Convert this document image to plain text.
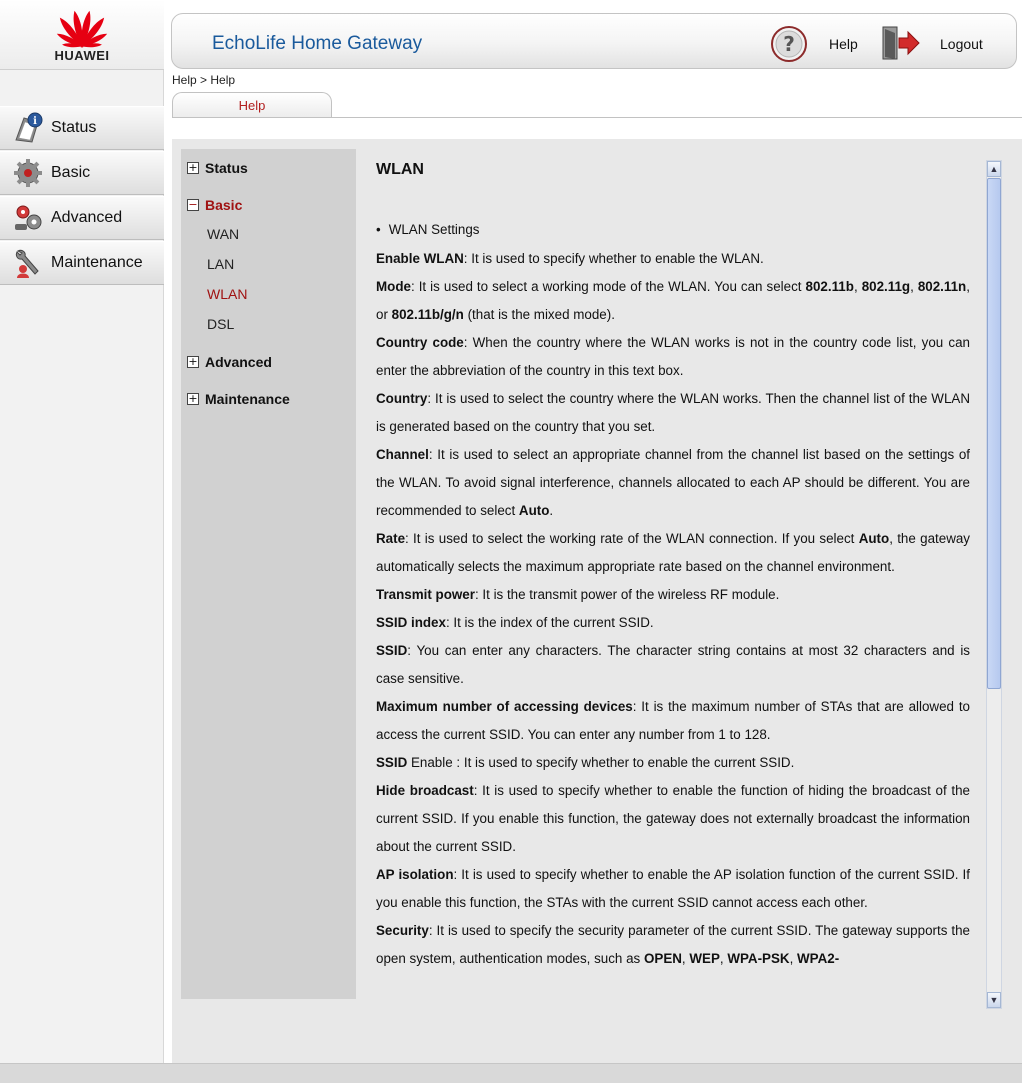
HUAWEI
i Status
Basic
Advanced
Maintenance
EchoLife Home Gateway	? Help	Logout
Help > Help
Help
+ Status
− Basic
WAN
LAN
WLAN
DSL
+ Advanced
+ Maintenance
WLAN
• WLAN Settings

Enable WLAN: It is used to specify whether to enable the WLAN.

Mode: It is used to select a working mode of the WLAN. You can select 802.11b, 802.11g, 802.11n, or 802.11b/g/n (that is the mixed mode).

Country code: When the country where the WLAN works is not in the country code list, you can enter the abbreviation of the country in this text box.

Country: It is used to select the country where the WLAN works. Then the channel list of the WLAN is generated based on the country that you set.

Channel: It is used to select an appropriate channel from the channel list based on the settings of the WLAN. To avoid signal interference, channels allocated to each AP should be different. You are recommended to select Auto.

Rate: It is used to select the working rate of the WLAN connection. If you select Auto, the gateway automatically selects the maximum appropriate rate based on the channel environment.

Transmit power: It is the transmit power of the wireless RF module.

SSID index: It is the index of the current SSID.

SSID: You can enter any characters. The character string contains at most 32 characters and is case sensitive.

Maximum number of accessing devices: It is the maximum number of STAs that are allowed to access the current SSID. You can enter any number from 1 to 128.

SSID Enable : It is used to specify whether to enable the current SSID.

Hide broadcast: It is used to specify whether to enable the function of hiding the broadcast of the current SSID. If you enable this function, the gateway does not externally broadcast the information about the current SSID.

AP isolation: It is used to specify whether to enable the AP isolation function of the current SSID. If you enable this function, the STAs with the current SSID cannot access each other.

Security: It is used to specify the security parameter of the current SSID. The gateway supports the open system, authentication modes, such as OPEN, WEP, WPA-PSK, WPA2-

▲
▼
